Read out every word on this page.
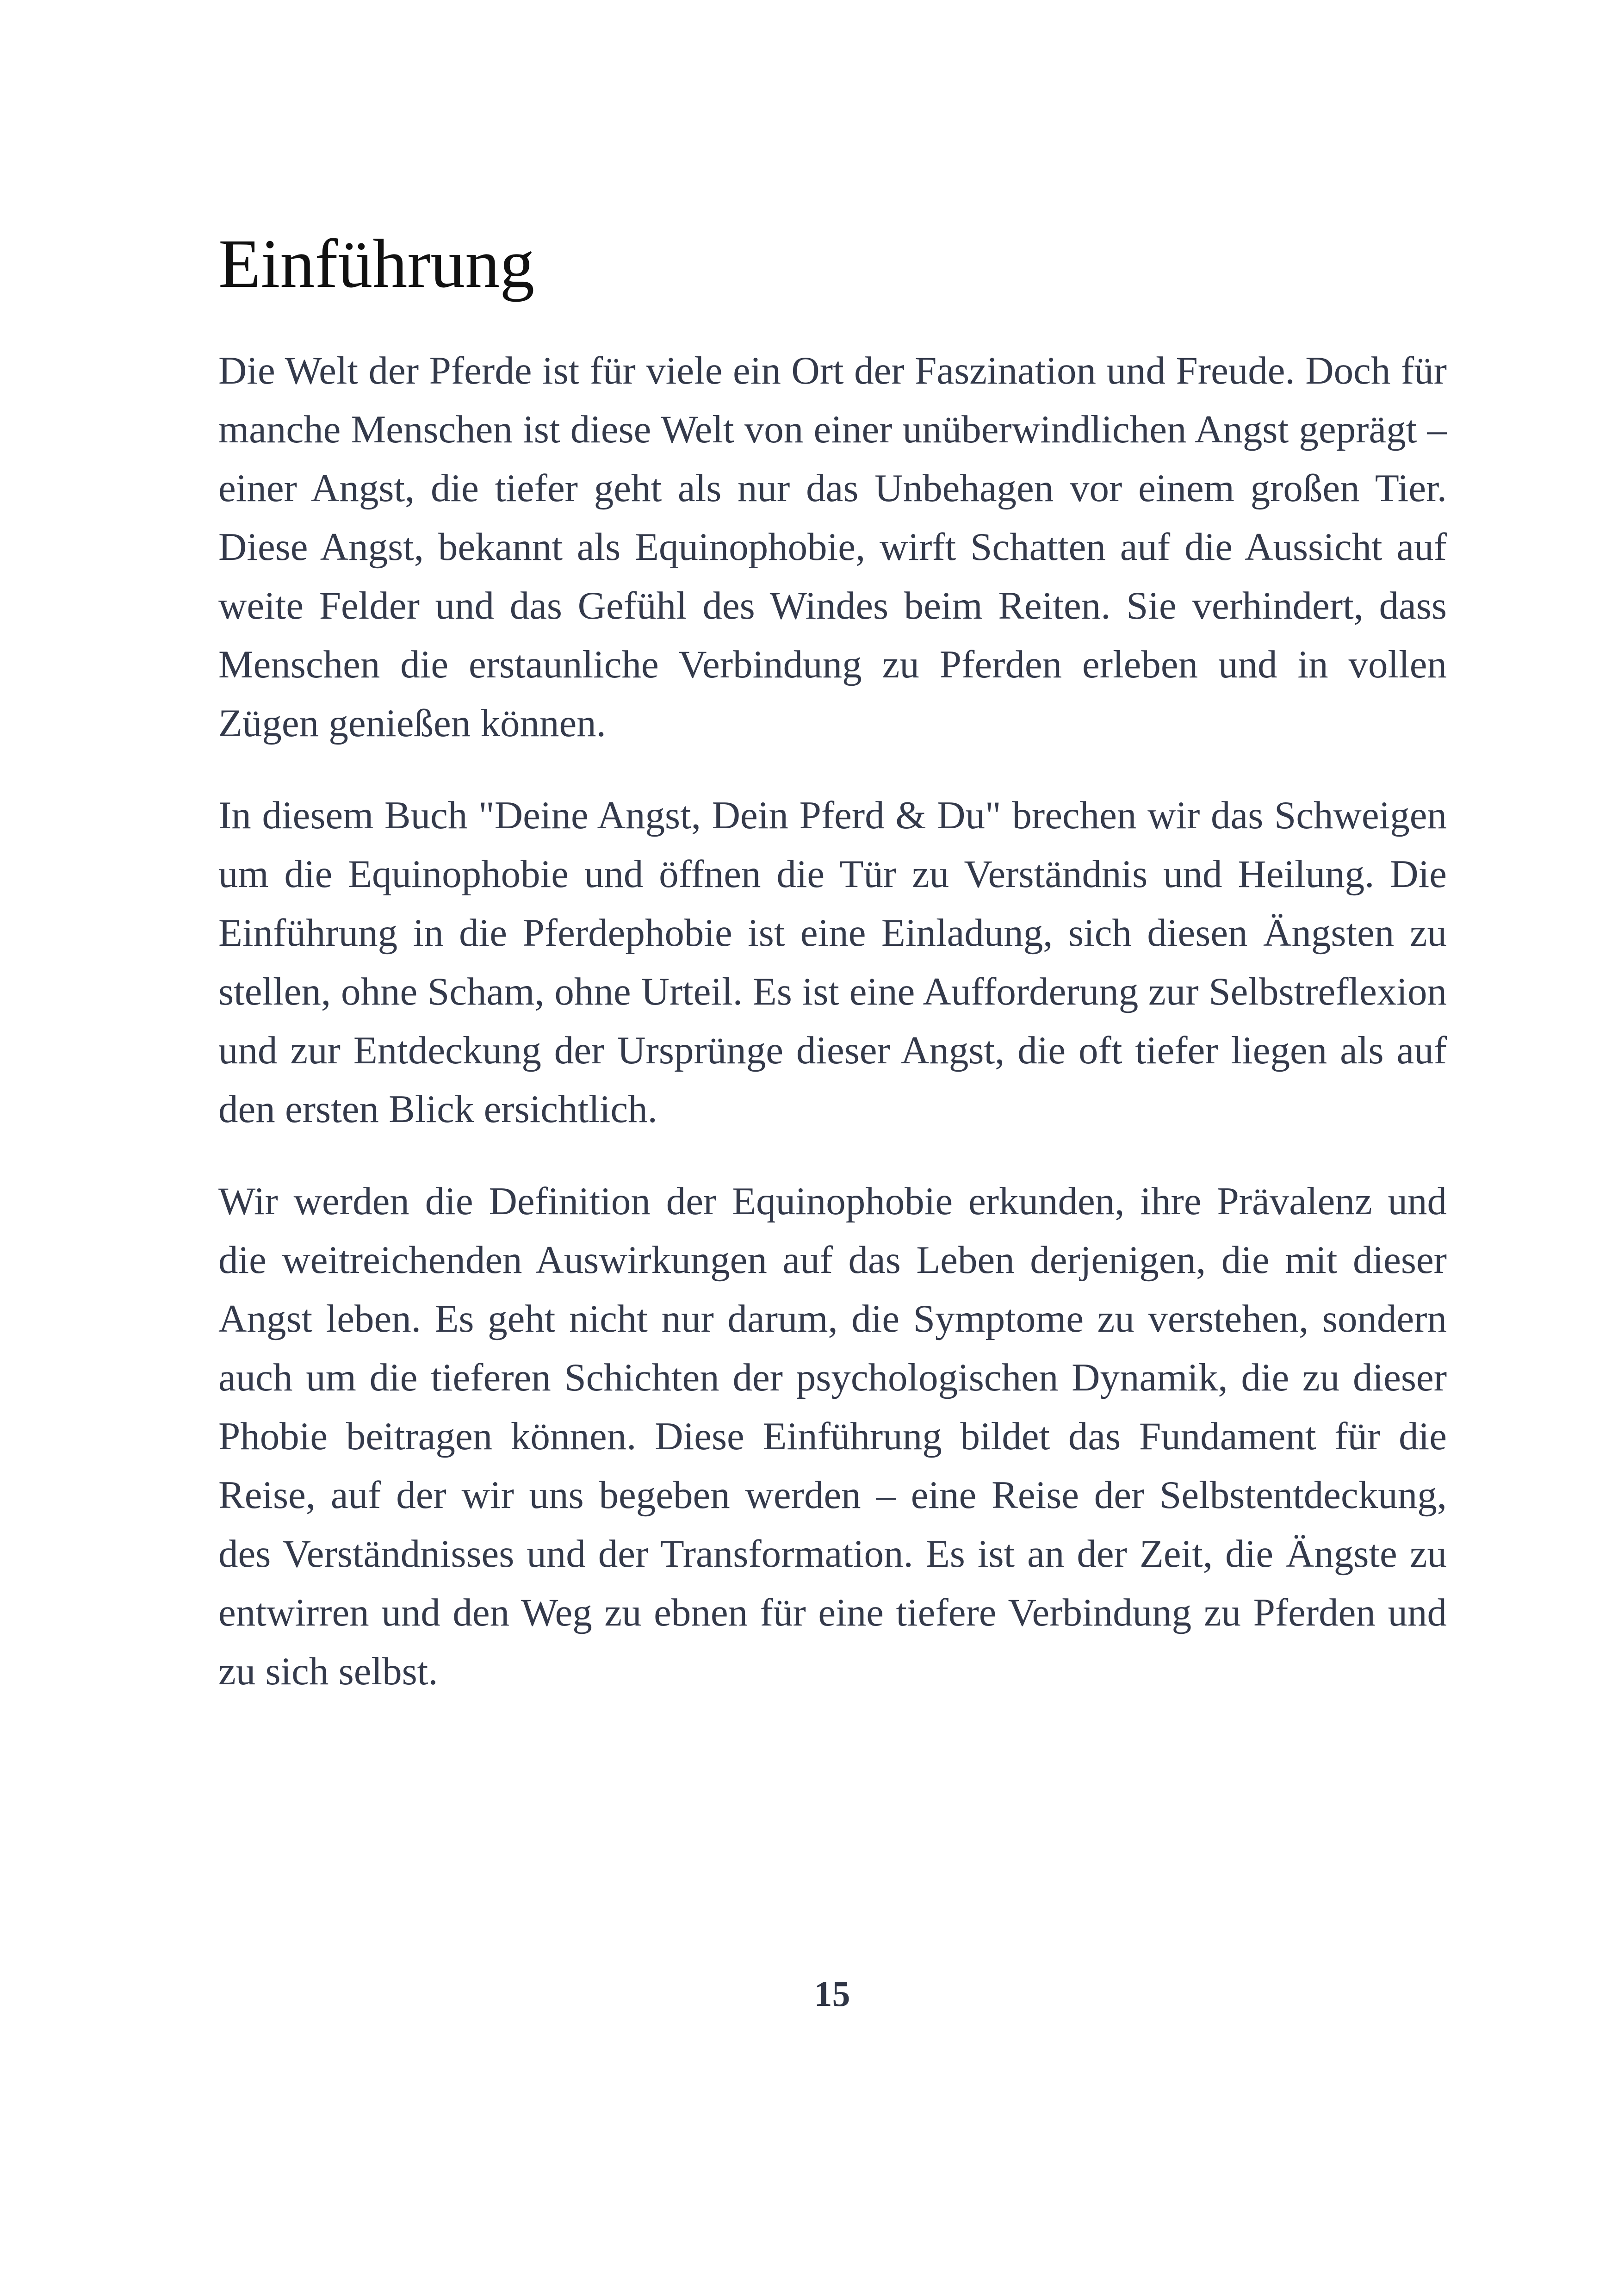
Einführung

Die Welt der Pferde ist für viele ein Ort der Faszination und Freude. Doch für manche Menschen ist diese Welt von einer unüberwindlichen Angst geprägt – einer Angst, die tiefer geht als nur das Unbehagen vor einem großen Tier. Diese Angst, bekannt als Equinophobie, wirft Schatten auf die Aussicht auf weite Felder und das Gefühl des Windes beim Reiten. Sie verhindert, dass Menschen die erstaunliche Verbindung zu Pferden erleben und in vollen Zügen genießen können.

In diesem Buch "Deine Angst, Dein Pferd & Du" brechen wir das Schweigen um die Equinophobie und öffnen die Tür zu Verständnis und Heilung. Die Einführung in die Pferdephobie ist eine Einladung, sich diesen Ängsten zu stellen, ohne Scham, ohne Urteil. Es ist eine Aufforderung zur Selbstreflexion und zur Entdeckung der Ursprünge dieser Angst, die oft tiefer liegen als auf den ersten Blick ersichtlich.

Wir werden die Definition der Equinophobie erkunden, ihre Prävalenz und die weitreichenden Auswirkungen auf das Leben derjenigen, die mit dieser Angst leben. Es geht nicht nur darum, die Symptome zu verstehen, sondern auch um die tieferen Schichten der psychologischen Dynamik, die zu dieser Phobie beitragen können. Diese Einführung bildet das Fundament für die Reise, auf der wir uns begeben werden – eine Reise der Selbstentdeckung, des Verständnisses und der Transformation. Es ist an der Zeit, die Ängste zu entwirren und den Weg zu ebnen für eine tiefere Verbindung zu Pferden und zu sich selbst.

15
